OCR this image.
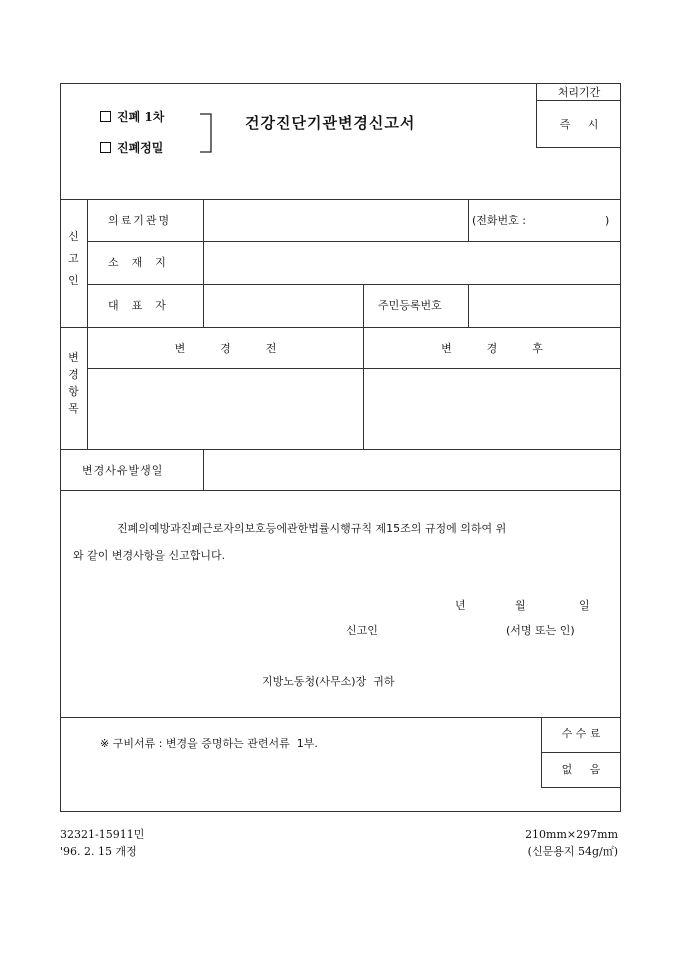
진폐 1차
진폐정밀
건강진단기관변경신고서
처리기간
즉     시
신
고
인
의료기관명	(전화번호 :	)
소  재  지
대  표  자	주민등록번호
변
경
항
목
변          경          전	변          경          후
변경사유발생일
진폐의예방과진폐근로자의보호등에관한법률시행규칙 제15조의 규정에 의하여 위
와 같이 변경사항을 신고합니다.
년	월	일
신고인	(서명 또는 인)
지방노동청(사무소)장  귀하
※ 구비서류 : 변경을 증명하는 관련서류  1부.
수 수 료
없     음
32321-15911민
'96. 2. 15 개정
210mm×297mm
(신문용지 54g/㎡)
